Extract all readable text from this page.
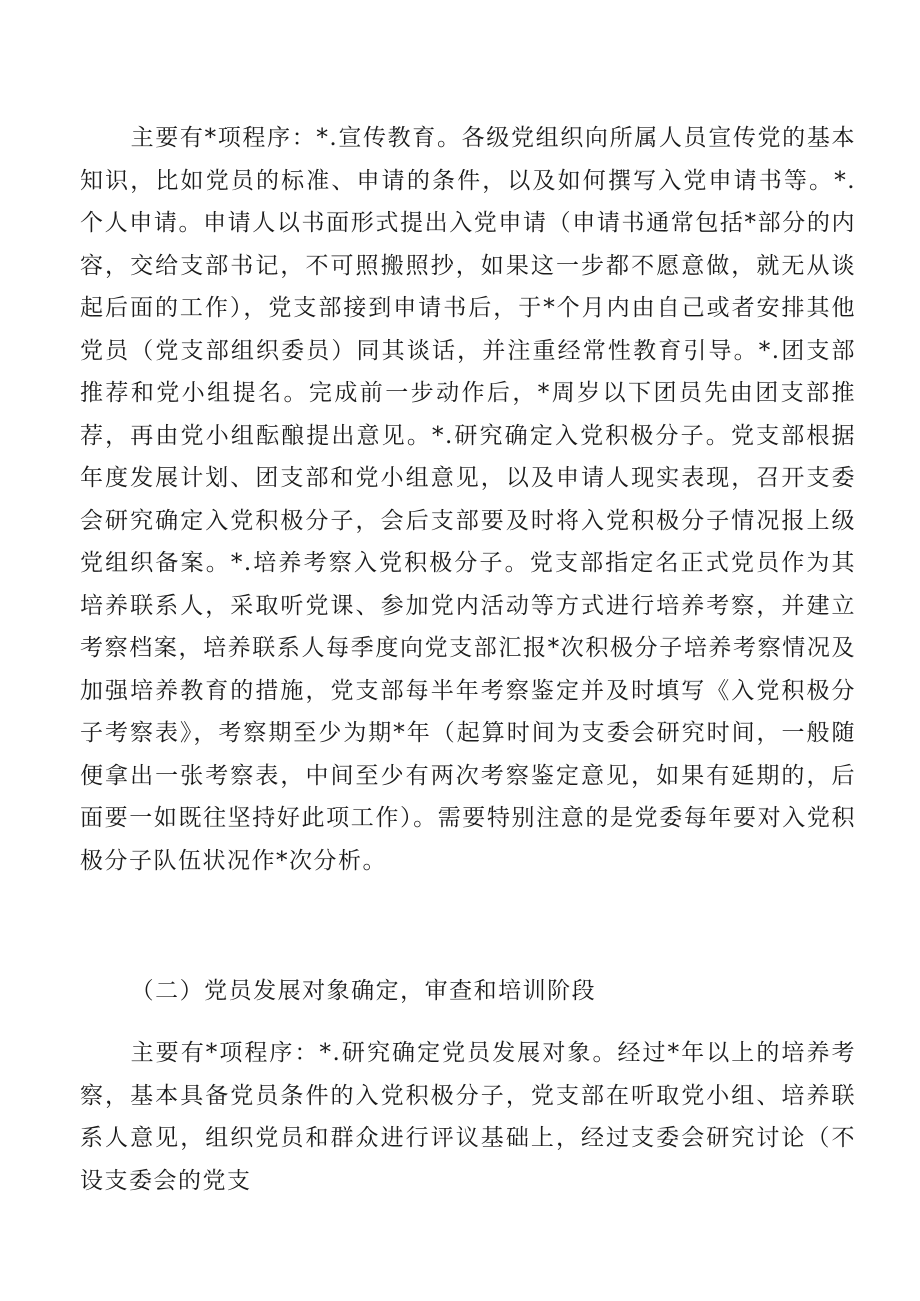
主要有*项程序：*.宣传教育。各级党组织向所属人员宣传党的基本知识，比如党员的标准、申请的条件，以及如何撰写入党申请书等。*.个人申请。申请人以书面形式提出入党申请（申请书通常包括*部分的内容，交给支部书记，不可照搬照抄，如果这一步都不愿意做，就无从谈起后面的工作），党支部接到申请书后，于*个月内由自己或者安排其他党员（党支部组织委员）同其谈话，并注重经常性教育引导。*.团支部推荐和党小组提名。完成前一步动作后，*周岁以下团员先由团支部推荐，再由党小组酝酿提出意见。*.研究确定入党积极分子。党支部根据年度发展计划、团支部和党小组意见，以及申请人现实表现，召开支委会研究确定入党积极分子，会后支部要及时将入党积极分子情况报上级党组织备案。*.培养考察入党积极分子。党支部指定名正式党员作为其培养联系人，采取听党课、参加党内活动等方式进行培养考察，并建立考察档案，培养联系人每季度向党支部汇报*次积极分子培养考察情况及加强培养教育的措施，党支部每半年考察鉴定并及时填写《入党积极分子考察表》，考察期至少为期*年（起算时间为支委会研究时间，一般随便拿出一张考察表，中间至少有两次考察鉴定意见，如果有延期的，后面要一如既往坚持好此项工作）。需要特别注意的是党委每年要对入党积极分子队伍状况作*次分析。

（二）党员发展对象确定，审查和培训阶段

主要有*项程序：*.研究确定党员发展对象。经过*年以上的培养考察，基本具备党员条件的入党积极分子，党支部在听取党小组、培养联系人意见，组织党员和群众进行评议基础上，经过支委会研究讨论（不设支委会的党支
